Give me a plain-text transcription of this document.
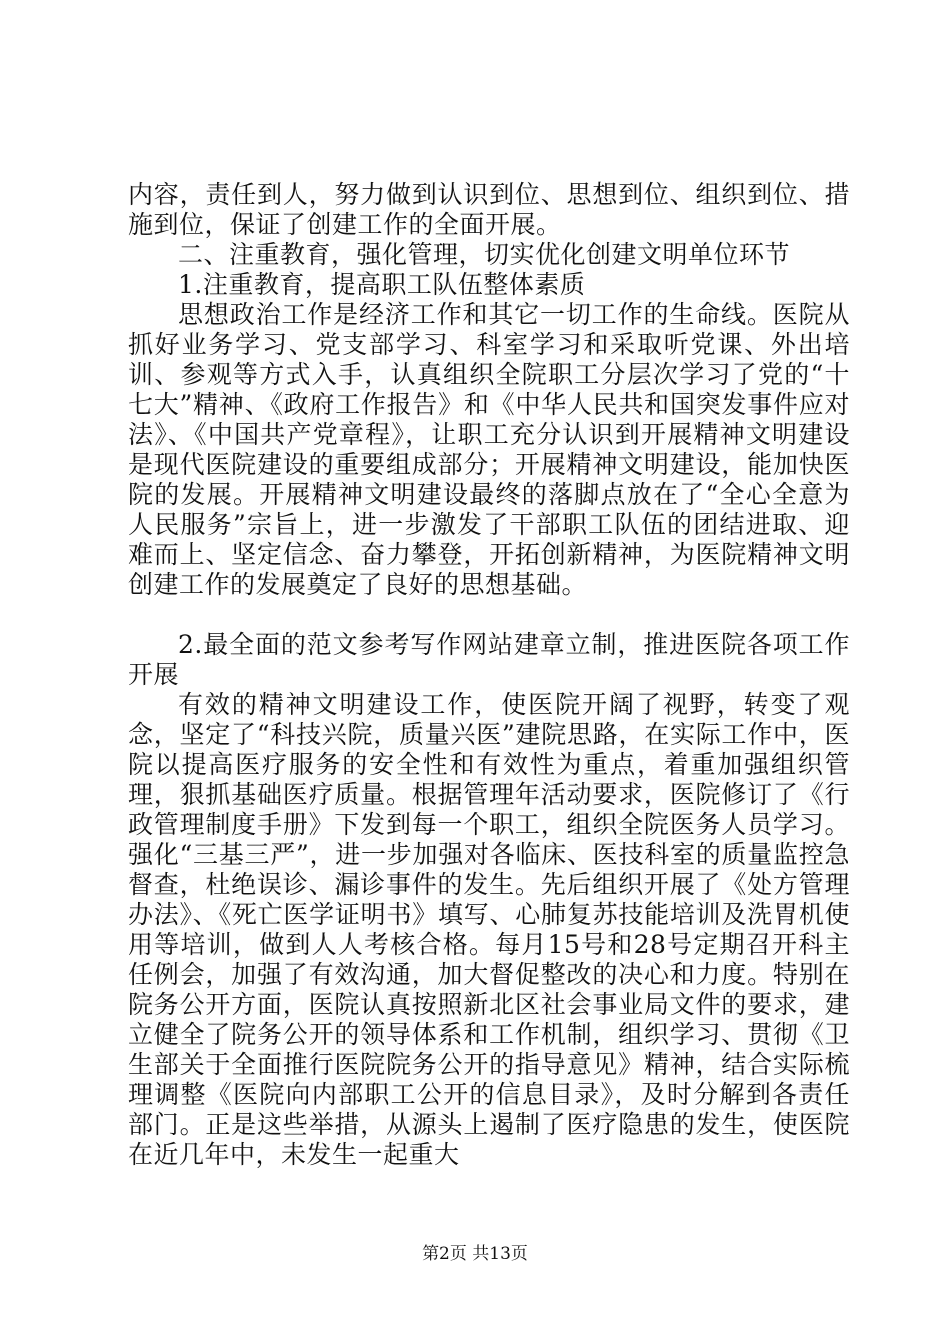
内容，责任到人，努力做到认识到位、思想到位、组织到位、措施到位，保证了创建工作的全面开展。

二、注重教育，强化管理，切实优化创建文明单位环节

1.注重教育，提高职工队伍整体素质

思想政治工作是经济工作和其它一切工作的生命线。医院从抓好业务学习、党支部学习、科室学习和采取听党课、外出培训、参观等方式入手，认真组织全院职工分层次学习了党的“十七大”精神、《政府工作报告》和《中华人民共和国突发事件应对法》、《中国共产党章程》，让职工充分认识到开展精神文明建设是现代医院建设的重要组成部分；开展精神文明建设，能加快医院的发展。开展精神文明建设最终的落脚点放在了“全心全意为人民服务”宗旨上，进一步激发了干部职工队伍的团结进取、迎难而上、坚定信念、奋力攀登，开拓创新精神，为医院精神文明创建工作的发展奠定了良好的思想基础。

2.最全面的范文参考写作网站建章立制，推进医院各项工作开展

有效的精神文明建设工作，使医院开阔了视野，转变了观念，坚定了“科技兴院，质量兴医”建院思路，在实际工作中，医院以提高医疗服务的安全性和有效性为重点，着重加强组织管理，狠抓基础医疗质量。根据管理年活动要求，医院修订了《行政管理制度手册》下发到每一个职工，组织全院医务人员学习。强化“三基三严”，进一步加强对各临床、医技科室的质量监控急督查，杜绝误诊、漏诊事件的发生。先后组织开展了《处方管理办法》、《死亡医学证明书》填写、心肺复苏技能培训及洗胃机使用等培训，做到人人考核合格。每月15号和28号定期召开科主任例会，加强了有效沟通，加大督促整改的决心和力度。特别在院务公开方面，医院认真按照新北区社会事业局文件的要求，建立健全了院务公开的领导体系和工作机制，组织学习、贯彻《卫生部关于全面推行医院院务公开的指导意见》精神，结合实际梳理调整《医院向内部职工公开的信息目录》，及时分解到各责任部门。正是这些举措，从源头上遏制了医疗隐患的发生，使医院在近几年中，未发生一起重大

第2页 共13页
